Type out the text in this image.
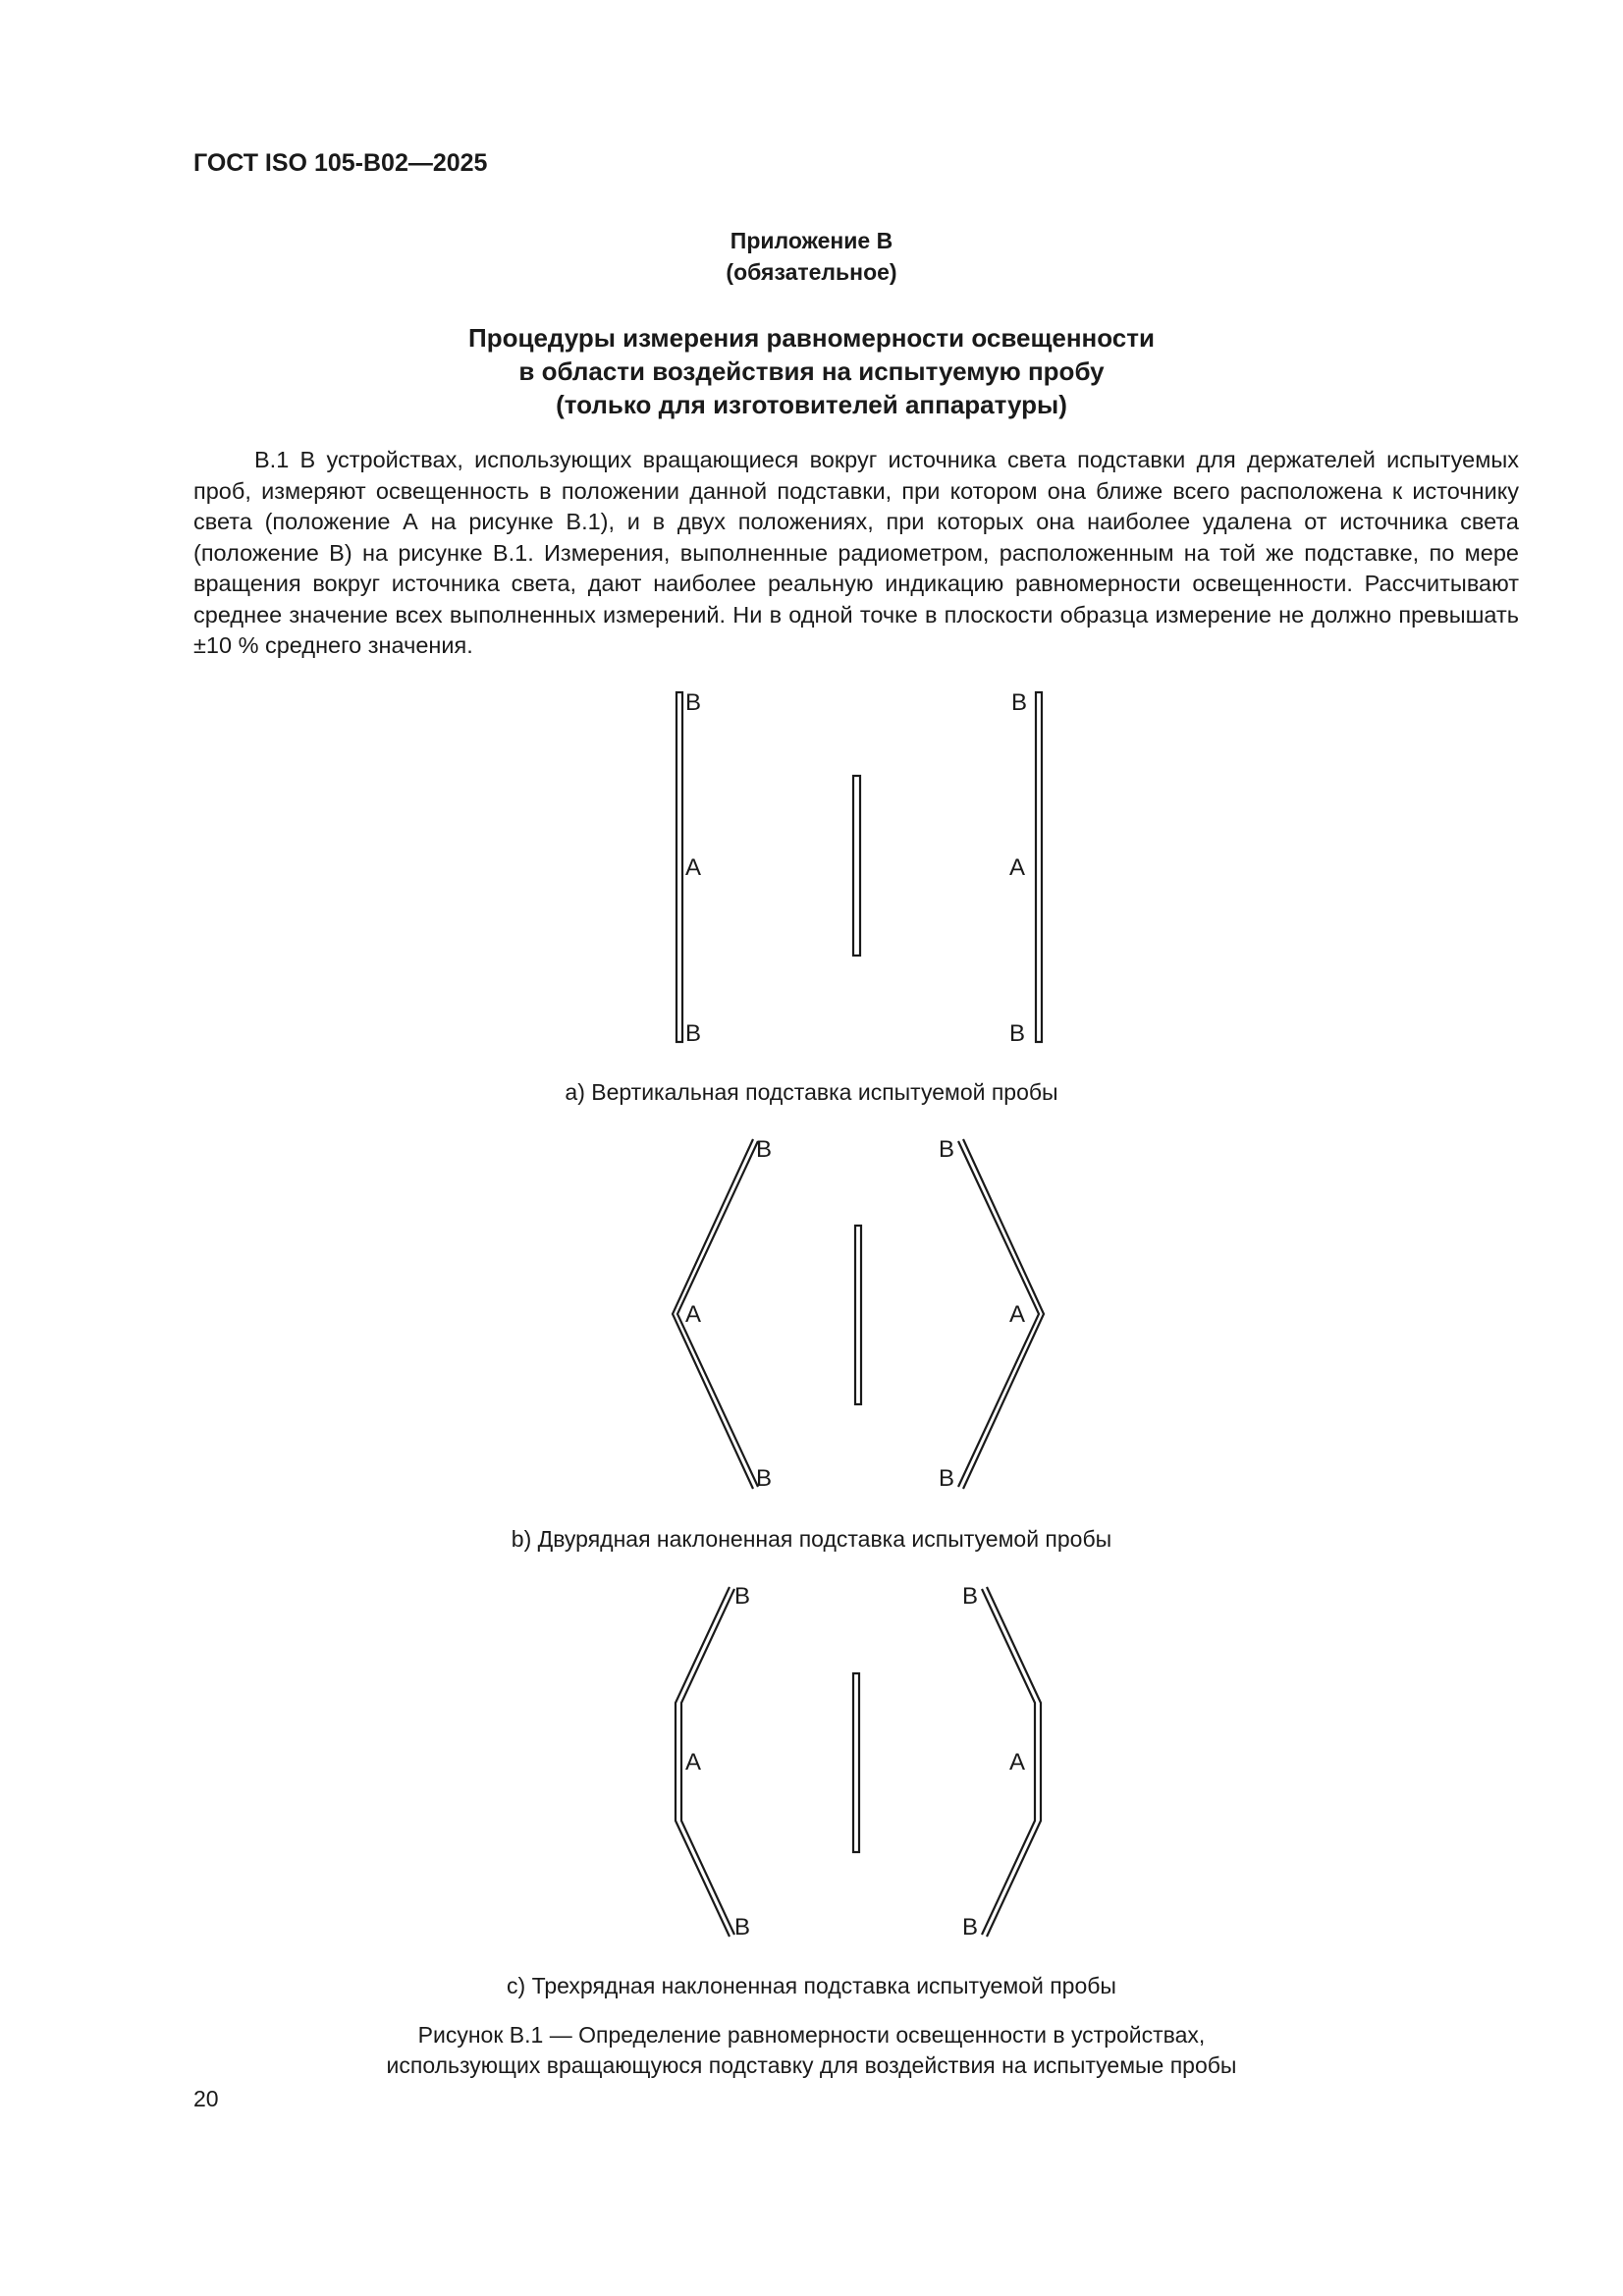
ГОСТ ISO 105-B02—2025
Приложение В
(обязательное)
Процедуры измерения равномерности освещенности
в области воздействия на испытуемую пробу
(только для изготовителей аппаратуры)
В.1 В устройствах, использующих вращающиеся вокруг источника света подставки для держателей испытуемых проб, измеряют освещенность в положении данной подставки, при котором она ближе всего расположена к источнику света (положение А на рисунке В.1), и в двух положениях, при которых она наиболее удалена от источника света (положение В) на рисунке В.1. Измерения, выполненные радиометром, расположенным на той же подставке, по мере вращения вокруг источника света, дают наиболее реальную индикацию равномерности освещенности. Рассчитывают среднее значение всех выполненных измерений. Ни в одной точке в плоскости образца измерение не должно превышать ±10 % среднего значения.
В
А
В
В
А
В
В
А
В
В
А
В
В
А
В
В
А
В
а) Вертикальная подставка испытуемой пробы
b) Двурядная наклоненная подставка испытуемой пробы
с) Трехрядная наклоненная подставка испытуемой пробы
Рисунок В.1 — Определение равномерности освещенности в устройствах,
использующих вращающуюся подставку для воздействия на испытуемые пробы
20
